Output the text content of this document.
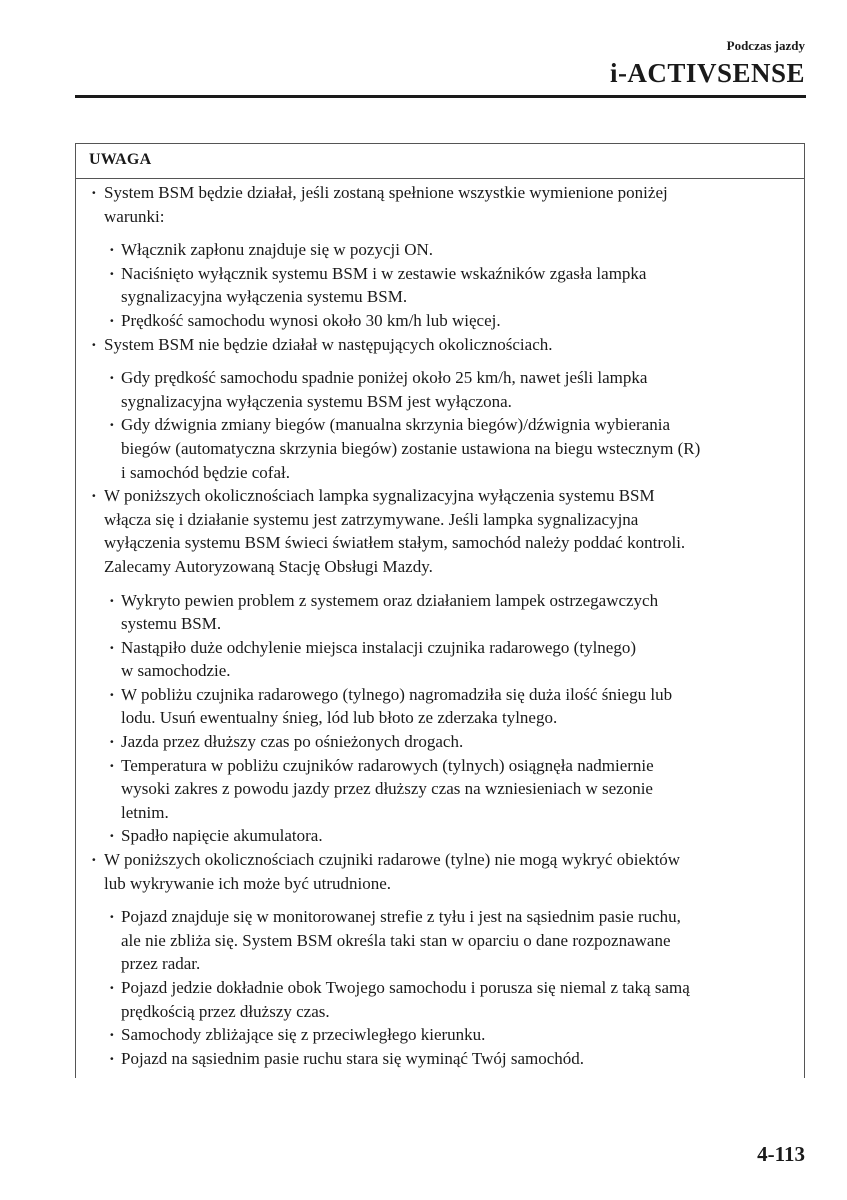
Podczas jazdy
i-ACTIVSENSE
UWAGA
· System BSM będzie działał, jeśli zostaną spełnione wszystkie wymienione poniżej
warunki:
· Włącznik zapłonu znajduje się w pozycji ON.
· Naciśnięto wyłącznik systemu BSM i w zestawie wskaźników zgasła lampka
sygnalizacyjna wyłączenia systemu BSM.
· Prędkość samochodu wynosi około 30 km/h lub więcej.
· System BSM nie będzie działał w następujących okolicznościach.
· Gdy prędkość samochodu spadnie poniżej około 25 km/h, nawet jeśli lampka
sygnalizacyjna wyłączenia systemu BSM jest wyłączona.
· Gdy dźwignia zmiany biegów (manualna skrzynia biegów)/dźwignia wybierania
biegów (automatyczna skrzynia biegów) zostanie ustawiona na biegu wstecznym (R)
i samochód będzie cofał.
· W poniższych okolicznościach lampka sygnalizacyjna wyłączenia systemu BSM
włącza się i działanie systemu jest zatrzymywane. Jeśli lampka sygnalizacyjna
wyłączenia systemu BSM świeci światłem stałym, samochód należy poddać kontroli.
Zalecamy Autoryzowaną Stację Obsługi Mazdy.
· Wykryto pewien problem z systemem oraz działaniem lampek ostrzegawczych
systemu BSM.
· Nastąpiło duże odchylenie miejsca instalacji czujnika radarowego (tylnego)
w samochodzie.
· W pobliżu czujnika radarowego (tylnego) nagromadziła się duża ilość śniegu lub
lodu. Usuń ewentualny śnieg, lód lub błoto ze zderzaka tylnego.
· Jazda przez dłuższy czas po ośnieżonych drogach.
· Temperatura w pobliżu czujników radarowych (tylnych) osiągnęła nadmiernie
wysoki zakres z powodu jazdy przez dłuższy czas na wzniesieniach w sezonie
letnim.
· Spadło napięcie akumulatora.
· W poniższych okolicznościach czujniki radarowe (tylne) nie mogą wykryć obiektów
lub wykrywanie ich może być utrudnione.
· Pojazd znajduje się w monitorowanej strefie z tyłu i jest na sąsiednim pasie ruchu,
ale nie zbliża się. System BSM określa taki stan w oparciu o dane rozpoznawane
przez radar.
· Pojazd jedzie dokładnie obok Twojego samochodu i porusza się niemal z taką samą
prędkością przez dłuższy czas.
· Samochody zbliżające się z przeciwległego kierunku.
· Pojazd na sąsiednim pasie ruchu stara się wyminąć Twój samochód.
4-113
